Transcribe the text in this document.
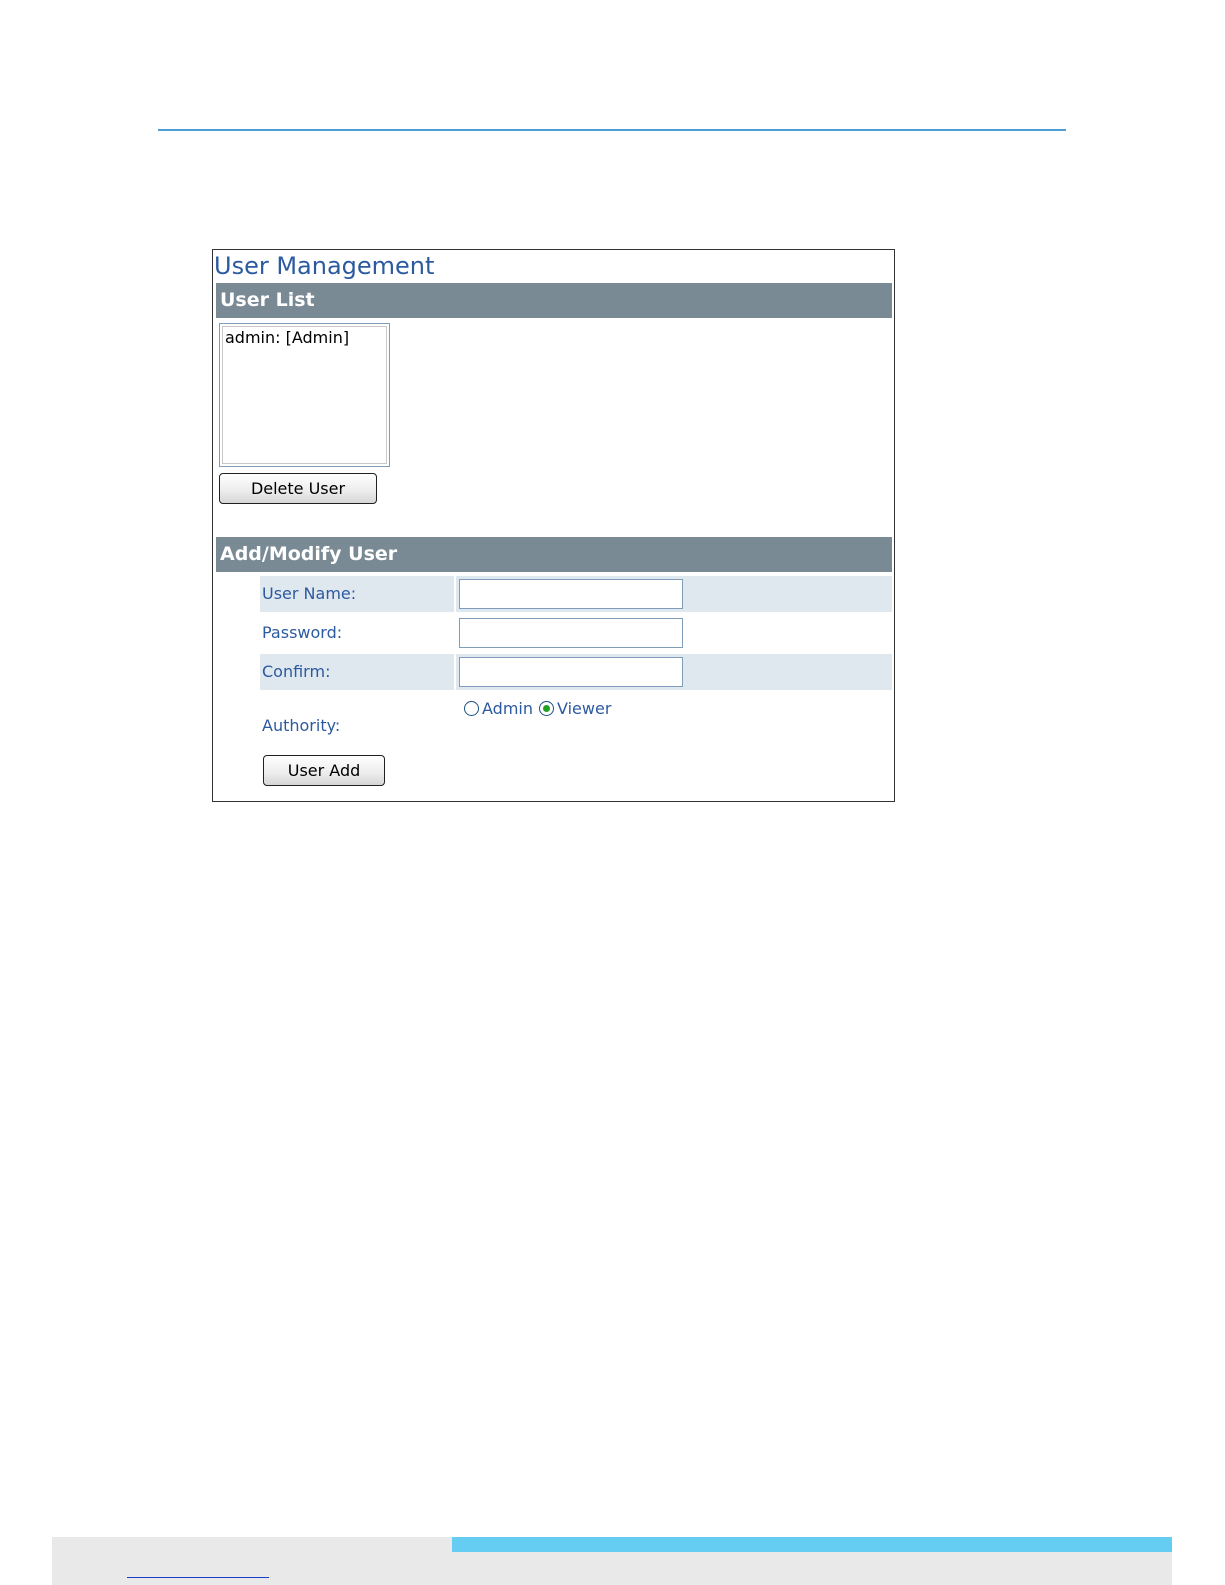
User Management
User List
admin: [Admin]
Delete User
Add/Modify User
User Name:
Password:
Confirm:
Authority:
Admin Viewer
User Add
